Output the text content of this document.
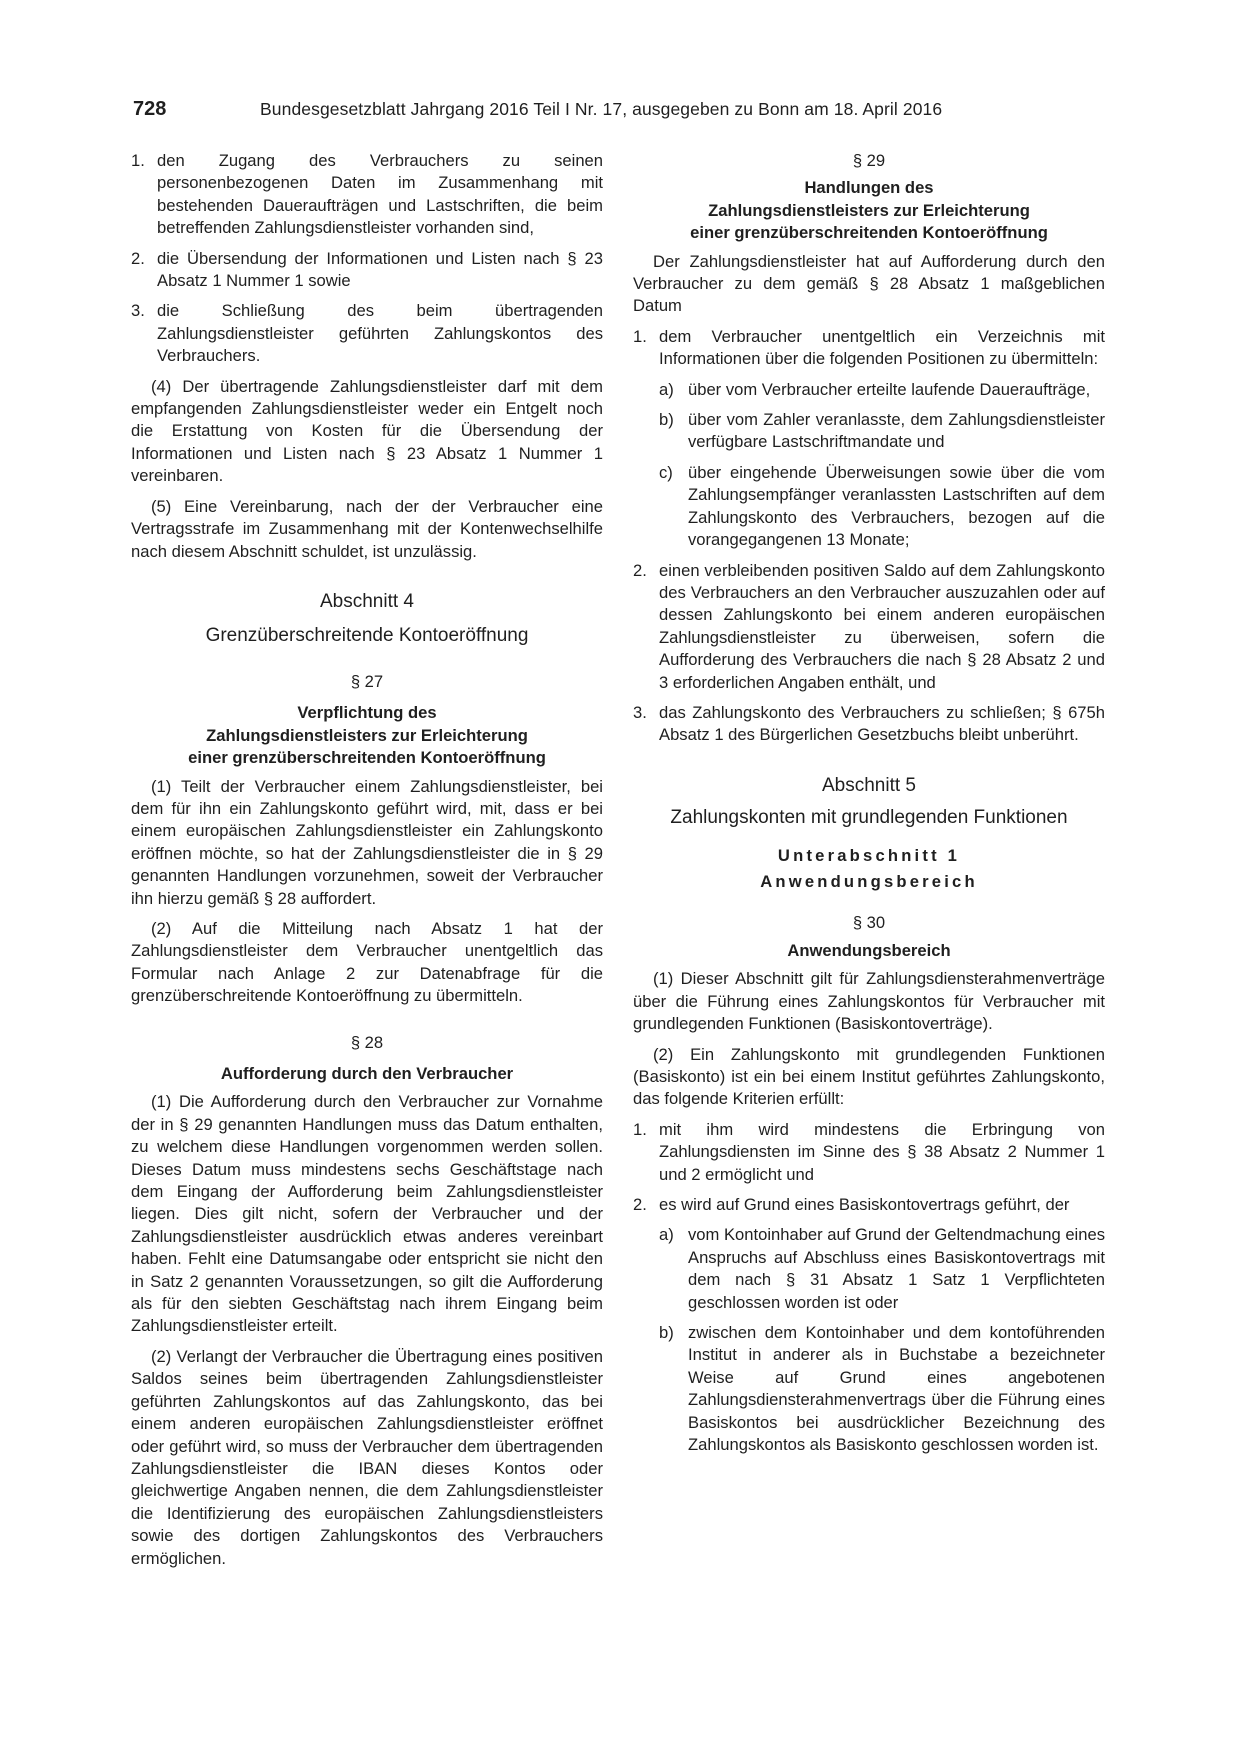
728	Bundesgesetzblatt Jahrgang 2016 Teil I Nr. 17, ausgegeben zu Bonn am 18. April 2016
1. den Zugang des Verbrauchers zu seinen personenbezogenen Daten im Zusammenhang mit bestehenden Daueraufträgen und Lastschriften, die beim betreffenden Zahlungsdienstleister vorhanden sind,
2. die Übersendung der Informationen und Listen nach § 23 Absatz 1 Nummer 1 sowie
3. die Schließung des beim übertragenden Zahlungsdienstleister geführten Zahlungskontos des Verbrauchers.

(4) Der übertragende Zahlungsdienstleister darf mit dem empfangenden Zahlungsdienstleister weder ein Entgelt noch die Erstattung von Kosten für die Übersendung der Informationen und Listen nach § 23 Absatz 1 Nummer 1 vereinbaren.

(5) Eine Vereinbarung, nach der der Verbraucher eine Vertragsstrafe im Zusammenhang mit der Kontenwechselhilfe nach diesem Abschnitt schuldet, ist unzulässig.

Abschnitt 4

Grenzüberschreitende Kontoeröffnung

§ 27

Verpflichtung des

Zahlungsdienstleisters zur Erleichterung

einer grenzüberschreitenden Kontoeröffnung

(1) Teilt der Verbraucher einem Zahlungsdienstleister, bei dem für ihn ein Zahlungskonto geführt wird, mit, dass er bei einem europäischen Zahlungsdienstleister ein Zahlungskonto eröffnen möchte, so hat der Zahlungsdienstleister die in § 29 genannten Handlungen vorzunehmen, soweit der Verbraucher ihn hierzu gemäß § 28 auffordert.

(2) Auf die Mitteilung nach Absatz 1 hat der Zahlungsdienstleister dem Verbraucher unentgeltlich das Formular nach Anlage 2 zur Datenabfrage für die grenzüberschreitende Kontoeröffnung zu übermitteln.

§ 28

Aufforderung durch den Verbraucher

(1) Die Aufforderung durch den Verbraucher zur Vornahme der in § 29 genannten Handlungen muss das Datum enthalten, zu welchem diese Handlungen vorgenommen werden sollen. Dieses Datum muss mindestens sechs Geschäftstage nach dem Eingang der Aufforderung beim Zahlungsdienstleister liegen. Dies gilt nicht, sofern der Verbraucher und der Zahlungsdienstleister ausdrücklich etwas anderes vereinbart haben. Fehlt eine Datumsangabe oder entspricht sie nicht den in Satz 2 genannten Voraussetzungen, so gilt die Aufforderung als für den siebten Geschäftstag nach ihrem Eingang beim Zahlungsdienstleister erteilt.

(2) Verlangt der Verbraucher die Übertragung eines positiven Saldos seines beim übertragenden Zahlungsdienstleister geführten Zahlungskontos auf das Zahlungskonto, das bei einem anderen europäischen Zahlungsdienstleister eröffnet oder geführt wird, so muss der Verbraucher dem übertragenden Zahlungsdienstleister die IBAN dieses Kontos oder gleichwertige Angaben nennen, die dem Zahlungsdienstleister die Identifizierung des europäischen Zahlungsdienstleisters sowie des dortigen Zahlungskontos des Verbrauchers ermöglichen.

§ 29

Handlungen des

Zahlungsdienstleisters zur Erleichterung

einer grenzüberschreitenden Kontoeröffnung

Der Zahlungsdienstleister hat auf Aufforderung durch den Verbraucher zu dem gemäß § 28 Absatz 1 maßgeblichen Datum

1. dem Verbraucher unentgeltlich ein Verzeichnis mit Informationen über die folgenden Positionen zu übermitteln:
a) über vom Verbraucher erteilte laufende Daueraufträge,
b) über vom Zahler veranlasste, dem Zahlungsdienstleister verfügbare Lastschriftmandate und
c) über eingehende Überweisungen sowie über die vom Zahlungsempfänger veranlassten Lastschriften auf dem Zahlungskonto des Verbrauchers, bezogen auf die vorangegangenen 13 Monate;
2. einen verbleibenden positiven Saldo auf dem Zahlungskonto des Verbrauchers an den Verbraucher auszuzahlen oder auf dessen Zahlungskonto bei einem anderen europäischen Zahlungsdienstleister zu überweisen, sofern die Aufforderung des Verbrauchers die nach § 28 Absatz 2 und 3 erforderlichen Angaben enthält, und
3. das Zahlungskonto des Verbrauchers zu schließen; § 675h Absatz 1 des Bürgerlichen Gesetzbuchs bleibt unberührt.

Abschnitt 5

Zahlungskonten mit grundlegenden Funktionen

Unterabschnitt 1

Anwendungsbereich

§ 30

Anwendungsbereich

(1) Dieser Abschnitt gilt für Zahlungsdiensterahmenverträge über die Führung eines Zahlungskontos für Verbraucher mit grundlegenden Funktionen (Basiskontoverträge).

(2) Ein Zahlungskonto mit grundlegenden Funktionen (Basiskonto) ist ein bei einem Institut geführtes Zahlungskonto, das folgende Kriterien erfüllt:

1. mit ihm wird mindestens die Erbringung von Zahlungsdiensten im Sinne des § 38 Absatz 2 Nummer 1 und 2 ermöglicht und
2. es wird auf Grund eines Basiskontovertrags geführt, der
a) vom Kontoinhaber auf Grund der Geltendmachung eines Anspruchs auf Abschluss eines Basiskontovertrags mit dem nach § 31 Absatz 1 Satz 1 Verpflichteten geschlossen worden ist oder
b) zwischen dem Kontoinhaber und dem kontoführenden Institut in anderer als in Buchstabe a bezeichneter Weise auf Grund eines angebotenen Zahlungsdiensterahmenvertrags über die Führung eines Basiskontos bei ausdrücklicher Bezeichnung des Zahlungskontos als Basiskonto geschlossen worden ist.
